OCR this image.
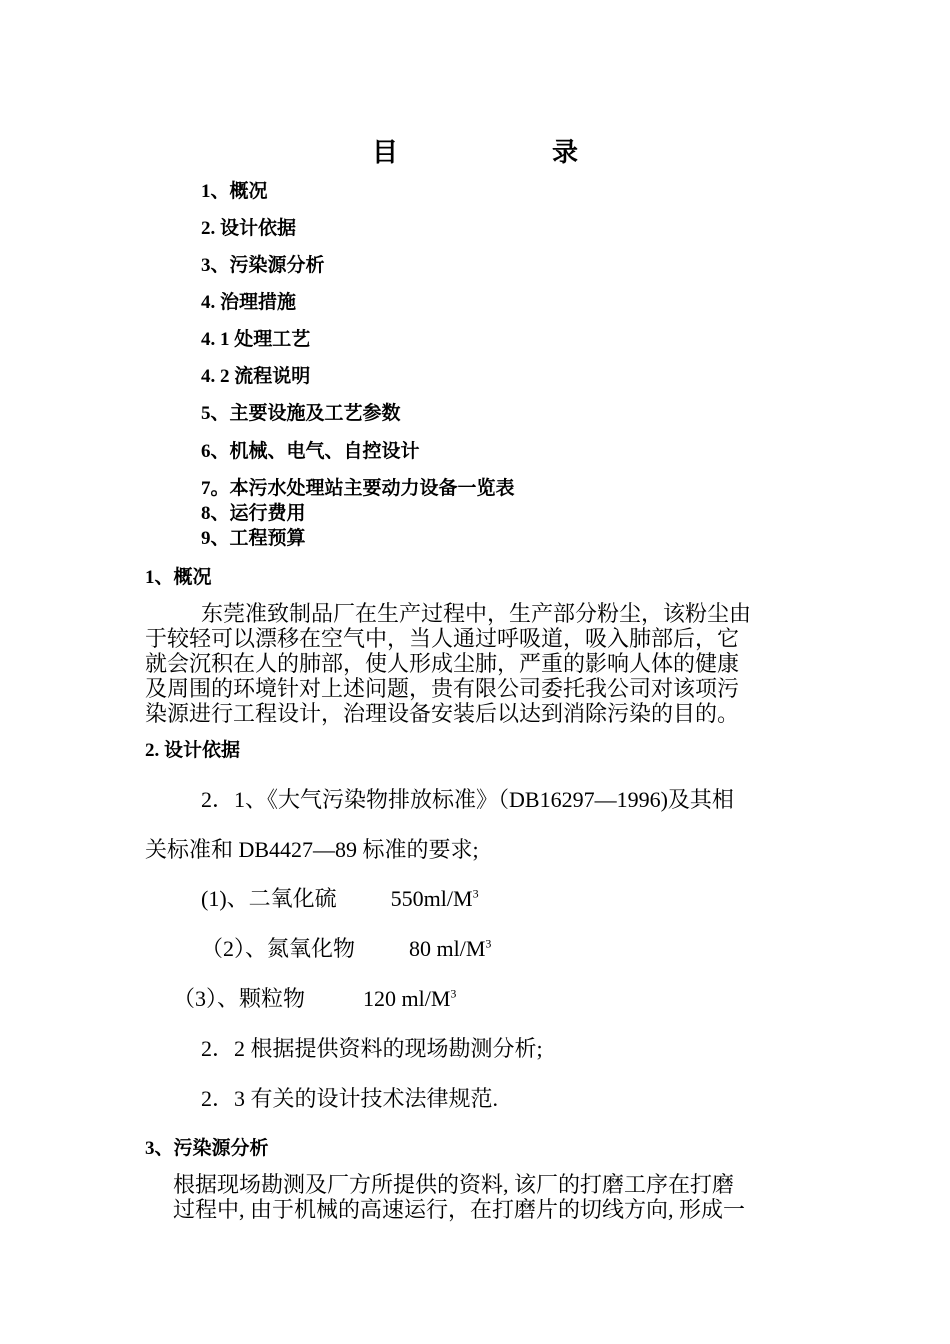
目　　录
1、概况
2. 设计依据
3、污染源分析
4. 治理措施
4. 1 处理工艺
4. 2 流程说明
5、主要设施及工艺参数
6、机械、电气、自控设计
7。本污水处理站主要动力设备一览表
8、运行费用
9、工程预算
1、概况
东莞准致制品厂在生产过程中，生产部分粉尘，该粉尘由
于较轻可以漂移在空气中，当人通过呼吸道，吸入肺部后，它
就会沉积在人的肺部，使人形成尘肺，严重的影响人体的健康
及周围的环境针对上述问题，贵有限公司委托我公司对该项污
染源进行工程设计，治理设备安装后以达到消除污染的目的。
2. 设计依据
2．1、《大气污染物排放标准》（DB16297—1996)及其相
关标准和 DB4427—89 标准的要求;
(1)、二氧化硫 $550ml/M^3$
（2）、氮氧化物 80 $ml/M^3$
（3）、颗粒物	120 $ml/M^3$
2．2 根据提供资料的现场勘测分析;
2．3 有关的设计技术法律规范.
3、污染源分析
根据现场勘测及厂方所提供的资料, 该厂的打磨工序在打磨
过程中, 由于机械的高速运行，在打磨片的切线方向, 形成一
